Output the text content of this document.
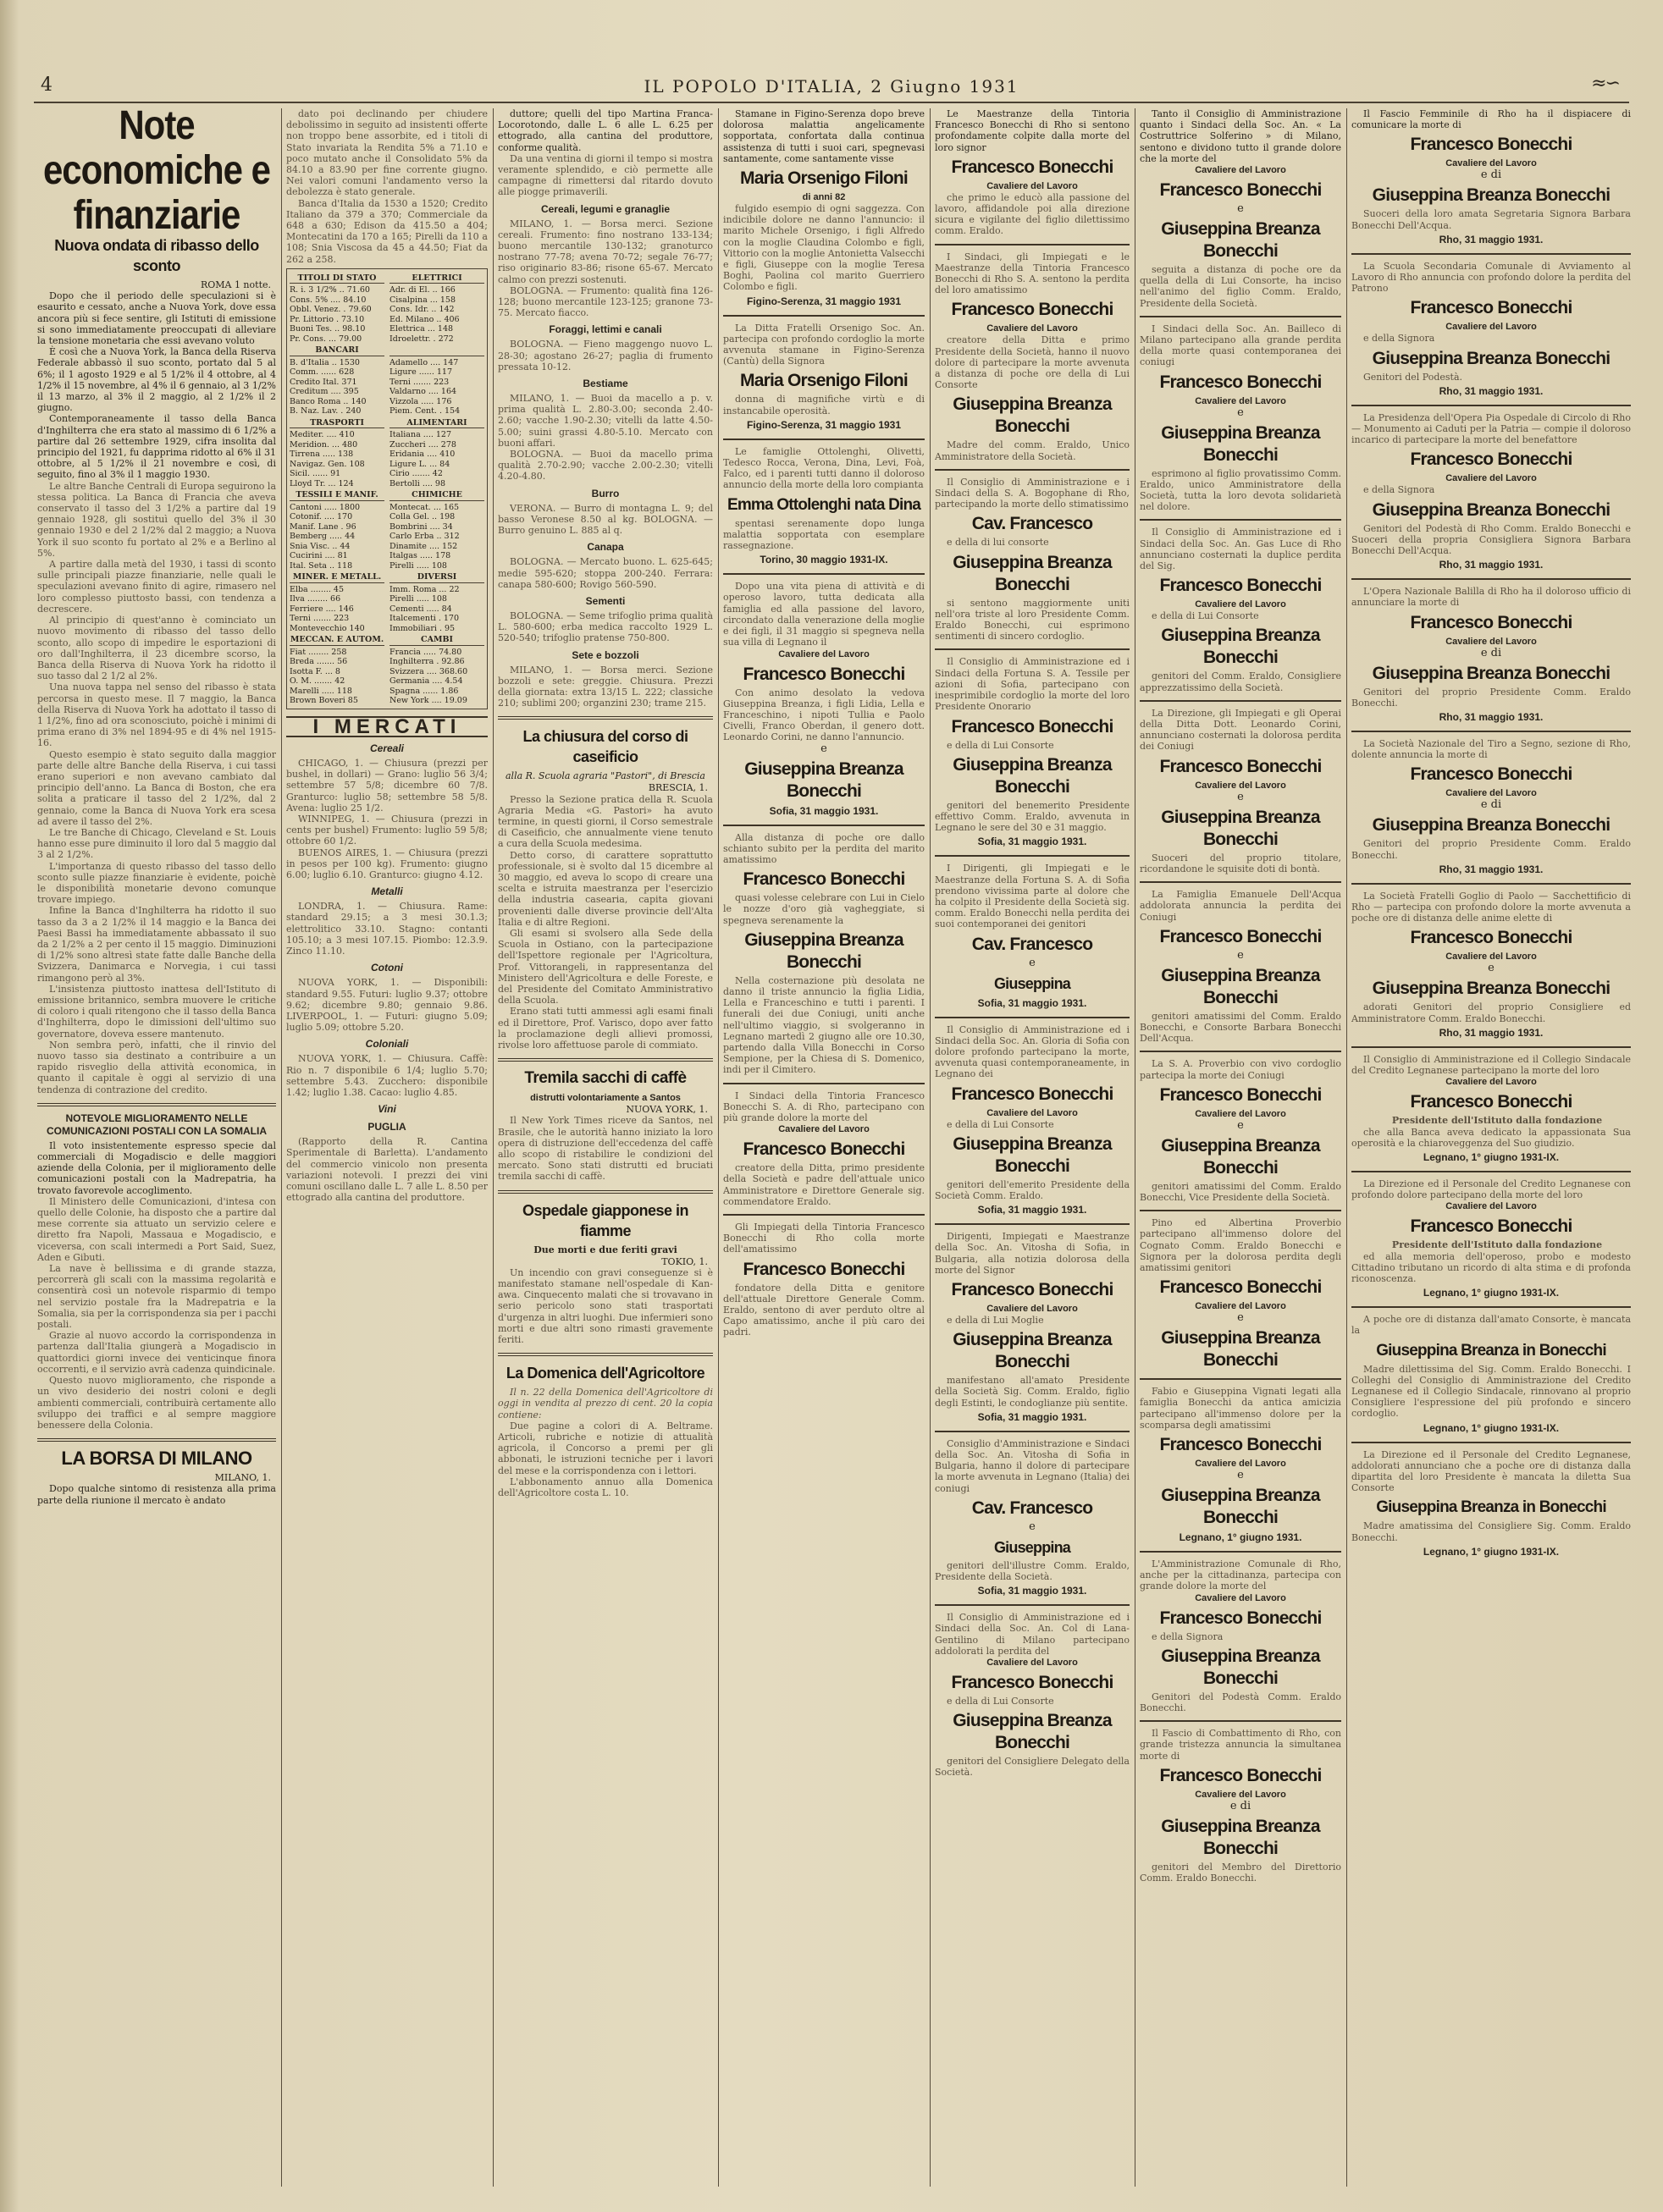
4	IL POPOLO D'ITALIA, 2 Giugno 1931	≈∽
Note economiche e finanziarie
Nuova ondata di ribasso dello sconto
ROMA 1 notte.

Dopo che il periodo delle speculazioni si è esaurito e cessato, anche a Nuova York, dove essa ancora più si fece sentire, gli Istituti di emissione si sono immediatamente preoccupati di alleviare la tensione monetaria che essi avevano voluto

È così che a Nuova York, la Banca della Riserva Federale abbassò il suo sconto, portato dal 5 al 6%; il 1 agosto 1929 e al 5 1/2% il 4 ottobre, al 4 1/2% il 15 novembre, al 4% il 6 gennaio, al 3 1/2% il 13 marzo, al 3% il 2 maggio, al 2 1/2% il 2 giugno.

Contemporaneamente il tasso della Banca d'Inghilterra che era stato al massimo di 6 1/2% a partire dal 26 settembre 1929, cifra insolita dal principio del 1921, fu dapprima ridotto al 6% il 31 ottobre, al 5 1/2% il 21 novembre e così, di seguito, fino al 3% il 1 maggio 1930.

Le altre Banche Centrali di Europa seguirono la stessa politica. La Banca di Francia che aveva conservato il tasso del 3 1/2% a partire dal 19 gennaio 1928, gli sostituì quello del 3% il 30 gennaio 1930 e del 2 1/2% dal 2 maggio; a Nuova York il suo sconto fu portato al 2% e a Berlino al 5%.

A partire dalla metà del 1930, i tassi di sconto sulle principali piazze finanziarie, nelle quali le speculazioni avevano finito di agire, rimasero nel loro complesso piuttosto bassi, con tendenza a decrescere.

Al principio di quest'anno è cominciato un nuovo movimento di ribasso del tasso dello sconto, allo scopo di impedire le esportazioni di oro dall'Inghilterra, il 23 dicembre scorso, la Banca della Riserva di Nuova York ha ridotto il suo tasso dal 2 1/2 al 2%.

Una nuova tappa nel senso del ribasso è stata percorsa in questo mese. Il 7 maggio, la Banca della Riserva di Nuova York ha adottato il tasso di 1 1/2%, fino ad ora sconosciuto, poichè i minimi di prima erano di 3% nel 1894-95 e di 4% nel 1915-16.

Questo esempio è stato seguito dalla maggior parte delle altre Banche della Riserva, i cui tassi erano superiori e non avevano cambiato dal principio dell'anno. La Banca di Boston, che era solita a praticare il tasso del 2 1/2%, dal 2 gennaio, come la Banca di Nuova York era scesa ad avere il tasso del 2%.

Le tre Banche di Chicago, Cleveland e St. Louis hanno esse pure diminuito il loro dal 5 maggio dal 3 al 2 1/2%.

L'importanza di questo ribasso del tasso dello sconto sulle piazze finanziarie è evidente, poichè le disponibilità monetarie devono comunque trovare impiego.

Infine la Banca d'Inghilterra ha ridotto il suo tasso da 3 a 2 1/2% il 14 maggio e la Banca dei Paesi Bassi ha immediatamente abbassato il suo da 2 1/2% a 2 per cento il 15 maggio. Diminuzioni di 1/2% sono altresì state fatte dalle Banche della Svizzera, Danimarca e Norvegia, i cui tassi rimangono però al 3%.

L'insistenza piuttosto inattesa dell'Istituto di emissione britannico, sembra muovere le critiche di coloro i quali ritengono che il tasso della Banca d'Inghilterra, dopo le dimissioni dell'ultimo suo governatore, doveva essere mantenuto.

Non sembra però, infatti, che il rinvio del nuovo tasso sia destinato a contribuire a un rapido risveglio della attività economica, in quanto il capitale è oggi al servizio di una tendenza di contrazione del credito.

NOTEVOLE MIGLIORAMENTO NELLE COMUNICAZIONI POSTALI CON LA SOMALIA

Il voto insistentemente espresso specie dal commerciali di Mogadiscio e delle maggiori aziende della Colonia, per il miglioramento delle comunicazioni postali con la Madrepatria, ha trovato favorevole accoglimento.

Il Ministero delle Comunicazioni, d'intesa con quello delle Colonie, ha disposto che a partire dal mese corrente sia attuato un servizio celere e diretto fra Napoli, Massaua e Mogadiscio, e viceversa, con scali intermedi a Port Said, Suez, Aden e Gibuti.

La nave è bellissima e di grande stazza, percorrerà gli scali con la massima regolarità e consentirà così un notevole risparmio di tempo nel servizio postale fra la Madrepatria e la Somalia, sia per la corrispondenza sia per i pacchi postali.

Grazie al nuovo accordo la corrispondenza in partenza dall'Italia giungerà a Mogadiscio in quattordici giorni invece dei venticinque finora occorrenti, e il servizio avrà cadenza quindicinale.

Questo nuovo miglioramento, che risponde a un vivo desiderio dei nostri coloni e degli ambienti commerciali, contribuirà certamente allo sviluppo dei traffici e al sempre maggiore benessere della Colonia.

LA BORSA DI MILANO
MILANO, 1.

Dopo qualche sintomo di resistenza alla prima parte della riunione il mercato è andato

dato poi declinando per chiudere debolissimo in seguito ad insistenti offerte non troppo bene assorbite, ed i titoli di Stato invariata la Rendita 5% a 71.10 e poco mutato anche il Consolidato 5% da 84.10 a 83.90 per fine corrente giugno. Nei valori comuni l'andamento verso la debolezza è stato generale.

Banca d'Italia da 1530 a 1520; Credito Italiano da 379 a 370; Commerciale da 648 a 630; Edison da 415.50 a 404; Montecatini da 170 a 165; Pirelli da 110 a 108; Snia Viscosa da 45 a 44.50; Fiat da 262 a 258.

TITOLI DI STATO	ELETTRICI
R. i. 3 1/2% .. 71.60
Cons. 5% .... 84.10
Obbl. Venez. . 79.60
Pr. Littorio . 73.10
Buoni Tes. .. 98.10
Pr. Cons. ... 79.00
Adr. di El. .. 166
Cisalpina ... 158
Cons. Idr. .. 142
Ed. Milano .. 406
Elettrica ... 148
Idroelettr. . 272
BANCARI

B. d'Italia .. 1530
Comm. ...... 628
Credito Ital. 371
Creditum .... 395
Banco Roma .. 140
B. Naz. Lav. . 240
Adamello .... 147
Ligure ...... 117
Terni ....... 223
Valdarno .... 164
Vizzola ..... 176
Piem. Cent. . 154
TRASPORTI	ALIMENTARI
Mediter. .... 410
Meridion. ... 480
Tirrena ..... 138
Navigaz. Gen. 108
Sicil. ...... 91
Lloyd Tr. ... 124
Italiana .... 127
Zuccheri .... 278
Eridania .... 410
Ligure L. ... 84
Cirio ....... 42
Bertolli .... 98
TESSILI E MANIF.	CHIMICHE
Cantoni ..... 1800
Cotonif. .... 170
Manif. Lane . 96
Bemberg ..... 44
Snia Visc. .. 44
Cucirini .... 81
Ital. Seta .. 118
Montecat. ... 165
Colla Gel. .. 198
Bombrini .... 34
Carlo Erba .. 312
Dinamite .... 152
Italgas ..... 178
Pirelli ..... 108
MINER. E METALL.	DIVERSI
Elba ........ 45
Ilva ........ 66
Ferriere .... 146
Terni ....... 223
Montevecchio 140
Imm. Roma ... 22
Pirelli ..... 108
Cementi ..... 84
Italcementi . 170
Immobiliari . 95
MECCAN. E AUTOM.	CAMBI
Fiat ........ 258
Breda ....... 56
Isotta F. ... 8
O. M. ....... 42
Marelli ..... 118
Brown Boveri 85
Francia ..... 74.80
Inghilterra . 92.86
Svizzera .... 368.60
Germania .... 4.54
Spagna ...... 1.86
New York .... 19.09
I MERCATI
Cereali

CHICAGO, 1. — Chiusura (prezzi per bushel, in dollari) — Grano: luglio 56 3/4; settembre 57 5/8; dicembre 60 7/8. Granturco: luglio 58; settembre 58 5/8. Avena: luglio 25 1/2.

WINNIPEG, 1. — Chiusura (prezzi in cents per bushel) Frumento: luglio 59 5/8; ottobre 60 1/2.

BUENOS AIRES, 1. — Chiusura (prezzi in pesos per 100 kg). Frumento: giugno 6.00; luglio 6.10. Granturco: giugno 4.12.

Metalli

LONDRA, 1. — Chiusura. Rame: standard 29.15; a 3 mesi 30.1.3; elettrolitico 33.10. Stagno: contanti 105.10; a 3 mesi 107.15. Piombo: 12.3.9. Zinco 11.10.

Cotoni

NUOVA YORK, 1. — Disponibili: standard 9.55. Futuri: luglio 9.37; ottobre 9.62; dicembre 9.80; gennaio 9.86. LIVERPOOL, 1. — Futuri: giugno 5.09; luglio 5.09; ottobre 5.20.

Coloniali

NUOVA YORK, 1. — Chiusura. Caffè: Rio n. 7 disponibile 6 1/4; luglio 5.70; settembre 5.43. Zucchero: disponibile 1.42; luglio 1.38. Cacao: luglio 4.85.

Vini
PUGLIA

(Rapporto della R. Cantina Sperimentale di Barletta). L'andamento del commercio vinicolo non presenta variazioni notevoli. I prezzi dei vini comuni oscillano dalle L. 7 alle L. 8.50 per ettogrado alla cantina del produttore.

duttore; quelli del tipo Martina Franca-Locorotondo, dalle L. 6 alle L. 6.25 per ettogrado, alla cantina del produttore, conforme qualità.

Da una ventina di giorni il tempo si mostra veramente splendido, e ciò permette alle campagne di rimettersi dal ritardo dovuto alle piogge primaverili.

Cereali, legumi e granaglie

MILANO, 1. — Borsa merci. Sezione cereali. Frumento: fino nostrano 133-134; buono mercantile 130-132; granoturco nostrano 77-78; avena 70-72; segale 76-77; riso originario 83-86; risone 65-67. Mercato calmo con prezzi sostenuti.

BOLOGNA. — Frumento: qualità fina 126-128; buono mercantile 123-125; granone 73-75. Mercato fiacco.

Foraggi, lettimi e canali

BOLOGNA. — Fieno maggengo nuovo L. 28-30; agostano 26-27; paglia di frumento pressata 10-12.

Bestiame

MILANO, 1. — Buoi da macello a p. v. prima qualità L. 2.80-3.00; seconda 2.40-2.60; vacche 1.90-2.30; vitelli da latte 4.50-5.00; suini grassi 4.80-5.10. Mercato con buoni affari.

BOLOGNA. — Buoi da macello prima qualità 2.70-2.90; vacche 2.00-2.30; vitelli 4.20-4.80.

Burro

VERONA. — Burro di montagna L. 9; del basso Veronese 8.50 al kg. BOLOGNA. — Burro genuino L. 885 al q.

Canapa

BOLOGNA. — Mercato buono. L. 625-645; medie 595-620; stoppa 200-240. Ferrara: canapa 580-600; Rovigo 560-590.

Sementi

BOLOGNA. — Seme trifoglio prima qualità L. 580-600; erba medica raccolto 1929 L. 520-540; trifoglio pratense 750-800.

Sete e bozzoli

MILANO, 1. — Borsa merci. Sezione bozzoli e sete: greggie. Chiusura. Prezzi della giornata: extra 13/15 L. 222; classiche 210; sublimi 200; organzini 230; trame 215.

La chiusura del corso di caseificio
alla R. Scuola agraria "Pastori", di Brescia
BRESCIA, 1.

Presso la Sezione pratica della R. Scuola Agraria Media «G. Pastori» ha avuto termine, in questi giorni, il Corso semestrale di Caseificio, che annualmente viene tenuto a cura della Scuola medesima.

Detto corso, di carattere soprattutto professionale, si è svolto dal 15 dicembre al 30 maggio, ed aveva lo scopo di creare una scelta e istruita maestranza per l'esercizio della industria casearia, capita giovani provenienti dalle diverse provincie dell'Alta Italia e di altre Regioni.

Gli esami si svolsero alla Sede della Scuola in Ostiano, con la partecipazione dell'Ispettore regionale per l'Agricoltura, Prof. Vittorangeli, in rappresentanza del Ministero dell'Agricoltura e delle Foreste, e del Presidente del Comitato Amministrativo della Scuola.

Erano stati tutti ammessi agli esami finali ed il Direttore, Prof. Varisco, dopo aver fatto la proclamazione degli allievi promossi, rivolse loro affettuose parole di commiato.

Tremila sacchi di caffè
distrutti volontariamente a Santos
NUOVA YORK, 1.

Il New York Times riceve da Santos, nel Brasile, che le autorità hanno iniziato la loro opera di distruzione dell'eccedenza del caffè allo scopo di ristabilire le condizioni del mercato. Sono stati distrutti ed bruciati tremila sacchi di caffè.

Ospedale giapponese in fiamme
Due morti e due feriti gravi
TOKIO, 1.

Un incendio con gravi conseguenze si è manifestato stamane nell'ospedale di Kan-awa. Cinquecento malati che si trovavano in serio pericolo sono stati trasportati d'urgenza in altri luoghi. Due infermieri sono morti e due altri sono rimasti gravemente feriti.

La Domenica dell'Agricoltore

Il n. 22 della Domenica dell'Agricoltore di oggi in vendita al prezzo di cent. 20 la copia contiene:

Due pagine a colori di A. Beltrame. Articoli, rubriche e notizie di attualità agricola, il Concorso a premi per gli abbonati, le istruzioni tecniche per i lavori del mese e la corrispondenza con i lettori.

L'abbonamento annuo alla Domenica dell'Agricoltore costa L. 10.

Stamane in Figino-Serenza dopo breve dolorosa malattia angelicamente sopportata, confortata dalla continua assistenza di tutti i suoi cari, spegnevasi santamente, come santamente visse

Maria Orsenigo Filoni
di anni 82

fulgido esempio di ogni saggezza. Con indicibile dolore ne danno l'annuncio: il marito Michele Orsenigo, i figli Alfredo con la moglie Claudina Colombo e figli, Vittorio con la moglie Antonietta Valsecchi e figli, Giuseppe con la moglie Teresa Boghi, Paolina col marito Guerriero Colombo e figli.

Figino-Serenza, 31 maggio 1931

La Ditta Fratelli Orsenigo Soc. An. partecipa con profondo cordoglio la morte avvenuta stamane in Figino-Serenza (Cantù) della Signora

Maria Orsenigo Filoni

donna di magnifiche virtù e di instancabile operosità.

Figino-Serenza, 31 maggio 1931

Le famiglie Ottolenghi, Olivetti, Tedesco Rocca, Verona, Dina, Levi, Foà, Falco, ed i parenti tutti danno il doloroso annuncio della morte della loro compianta

Emma Ottolenghi nata Dina

spentasi serenamente dopo lunga malattia sopportata con esemplare rassegnazione.

Torino, 30 maggio 1931-IX.

Dopo una vita piena di attività e di operoso lavoro, tutta dedicata alla famiglia ed alla passione del lavoro, circondato dalla venerazione della moglie e dei figli, il 31 maggio si spegneva nella sua villa di Legnano il

Cavaliere del Lavoro
Francesco Bonecchi

Con animo desolato la vedova Giuseppina Breanza, i figli Lidia, Lella e Franceschino, i nipoti Tullia e Paolo Civelli, Franco Oberdan, il genero dott. Leonardo Corini, ne danno l'annuncio.

e
Giuseppina Breanza Bonecchi
Sofia, 31 maggio 1931.

Alla distanza di poche ore dallo schianto subito per la perdita del marito amatissimo

Francesco Bonecchi

quasi volesse celebrare con Lui in Cielo le nozze d'oro già vagheggiate, si spegneva serenamente la

Giuseppina Breanza Bonecchi

Nella costernazione più desolata ne danno il triste annuncio la figlia Lidia, Lella e Franceschino e tutti i parenti. I funerali dei due Coniugi, uniti anche nell'ultimo viaggio, si svolgeranno in Legnano martedì 2 giugno alle ore 10.30, partendo dalla Villa Bonecchi in Corso Sempione, per la Chiesa di S. Domenico, indi per il Cimitero.

I Sindaci della Tintoria Francesco Bonecchi S. A. di Rho, partecipano con più grande dolore la morte del

Cavaliere del Lavoro
Francesco Bonecchi

creatore della Ditta, primo presidente della Società e padre dell'attuale unico Amministratore e Direttore Generale sig. commendatore Eraldo.

Gli Impiegati della Tintoria Francesco Bonecchi di Rho colla morte dell'amatissimo

Francesco Bonecchi

fondatore della Ditta e genitore dell'attuale Direttore Generale Comm. Eraldo, sentono di aver perduto oltre al Capo amatissimo, anche il più caro dei padri.

Le Maestranze della Tintoria Francesco Bonecchi di Rho si sentono profondamente colpite dalla morte del loro signor

Francesco Bonecchi
Cavaliere del Lavoro

che primo le educò alla passione del lavoro, affidandole poi alla direzione sicura e vigilante del figlio dilettissimo comm. Eraldo.

I Sindaci, gli Impiegati e le Maestranze della Tintoria Francesco Bonecchi di Rho S. A. sentono la perdita del loro amatissimo

Francesco Bonecchi
Cavaliere del Lavoro

creatore della Ditta e primo Presidente della Società, hanno il nuovo dolore di partecipare la morte avvenuta a distanza di poche ore della di Lui Consorte

Giuseppina Breanza Bonecchi

Madre del comm. Eraldo, Unico Amministratore della Società.

Il Consiglio di Amministrazione e i Sindaci della S. A. Bogophane di Rho, partecipando la morte dello stimatissimo

Cav. Francesco

e della di lui consorte

Giuseppina Breanza Bonecchi

si sentono maggiormente uniti nell'ora triste al loro Presidente Comm. Eraldo Bonecchi, cui esprimono sentimenti di sincero cordoglio.

Il Consiglio di Amministrazione ed i Sindaci della Fortuna S. A. Tessile per azioni di Sofia, partecipano con inesprimibile cordoglio la morte del loro Presidente Onorario

Francesco Bonecchi

e della di Lui Consorte

Giuseppina Breanza Bonecchi

genitori del benemerito Presidente effettivo Comm. Eraldo, avvenuta in Legnano le sere del 30 e 31 maggio.

Sofia, 31 maggio 1931.

I Dirigenti, gli Impiegati e le Maestranze della Fortuna S. A. di Sofia prendono vivissima parte al dolore che ha colpito il Presidente della Società sig. comm. Eraldo Bonecchi nella perdita dei suoi contemporanei dei genitori

Cav. Francesco
e
Giuseppina
Sofia, 31 maggio 1931.

Il Consiglio di Amministrazione ed i Sindaci della Soc. An. Gloria di Sofia con dolore profondo partecipano la morte, avvenuta quasi contemporaneamente, in Legnano dei

Francesco Bonecchi
Cavaliere del Lavoro

e della di Lui Consorte

Giuseppina Breanza Bonecchi

genitori dell'emerito Presidente della Società Comm. Eraldo.

Sofia, 31 maggio 1931.

Dirigenti, Impiegati e Maestranze della Soc. An. Vitosha di Sofia, in Bulgaria, alla notizia dolorosa della morte del Signor

Francesco Bonecchi
Cavaliere del Lavoro

e della di Lui Moglie

Giuseppina Breanza Bonecchi

manifestano all'amato Presidente della Società Sig. Comm. Eraldo, figlio degli Estinti, le condoglianze più sentite.

Sofia, 31 maggio 1931.

Consiglio d'Amministrazione e Sindaci della Soc. An. Vitosha di Sofia in Bulgaria, hanno il dolore di partecipare la morte avvenuta in Legnano (Italia) dei coniugi

Cav. Francesco
e
Giuseppina

genitori dell'illustre Comm. Eraldo, Presidente della Società.

Sofia, 31 maggio 1931.

Il Consiglio di Amministrazione ed i Sindaci della Soc. An. Col di Lana-Gentilino di Milano partecipano addolorati la perdita del

Cavaliere del Lavoro
Francesco Bonecchi

e della di Lui Consorte

Giuseppina Breanza Bonecchi

genitori del Consigliere Delegato della Società.

Tanto il Consiglio di Amministrazione quanto i Sindaci della Soc. An. « La Costruttrice Solferino » di Milano, sentono e dividono tutto il grande dolore che la morte del

Cavaliere del Lavoro
Francesco Bonecchi
e
Giuseppina Breanza Bonecchi

seguita a distanza di poche ore da quella della di Lui Consorte, ha inciso nell'animo del figlio Comm. Eraldo, Presidente della Società.

I Sindaci della Soc. An. Bailleco di Milano partecipano alla grande perdita della morte quasi contemporanea dei coniugi

Francesco Bonecchi
Cavaliere del Lavoro
e
Giuseppina Breanza Bonecchi

esprimono al figlio provatissimo Comm. Eraldo, unico Amministratore della Società, tutta la loro devota solidarietà nel dolore.

Il Consiglio di Amministrazione ed i Sindaci della Soc. An. Gas Luce di Rho annunciano costernati la duplice perdita del Sig.

Francesco Bonecchi
Cavaliere del Lavoro

e della di Lui Consorte

Giuseppina Breanza Bonecchi

genitori del Comm. Eraldo, Consigliere apprezzatissimo della Società.

La Direzione, gli Impiegati e gli Operai della Ditta Dott. Leonardo Corini, annunciano costernati la dolorosa perdita dei Coniugi

Francesco Bonecchi
Cavaliere del Lavoro
e
Giuseppina Breanza Bonecchi

Suoceri del proprio titolare, ricordandone le squisite doti di bontà.

La Famiglia Emanuele Dell'Acqua addolorata annuncia la perdita dei Coniugi

Francesco Bonecchi
e
Giuseppina Breanza Bonecchi

genitori amatissimi del Comm. Eraldo Bonecchi, e Consorte Barbara Bonecchi Dell'Acqua.

La S. A. Proverbio con vivo cordoglio partecipa la morte dei Coniugi

Francesco Bonecchi
Cavaliere del Lavoro
e
Giuseppina Breanza Bonecchi

genitori amatissimi del Comm. Eraldo Bonecchi, Vice Presidente della Società.

Pino ed Albertina Proverbio partecipano all'immenso dolore del Cognato Comm. Eraldo Bonecchi e Signora per la dolorosa perdita degli amatissimi genitori

Francesco Bonecchi
Cavaliere del Lavoro
e
Giuseppina Breanza Bonecchi

Fabio e Giuseppina Vignati legati alla famiglia Bonecchi da antica amicizia partecipano all'immenso dolore per la scomparsa degli amatissimi

Francesco Bonecchi
Cavaliere del Lavoro
e
Giuseppina Breanza Bonecchi
Legnano, 1° giugno 1931.

L'Amministrazione Comunale di Rho, anche per la cittadinanza, partecipa con grande dolore la morte del

Cavaliere del Lavoro
Francesco Bonecchi

e della Signora

Giuseppina Breanza Bonecchi

Genitori del Podestà Comm. Eraldo Bonecchi.

Il Fascio di Combattimento di Rho, con grande tristezza annuncia la simultanea morte di

Francesco Bonecchi
Cavaliere del Lavoro
e di
Giuseppina Breanza Bonecchi

genitori del Membro del Direttorio Comm. Eraldo Bonecchi.

Il Fascio Femminile di Rho ha il dispiacere di comunicare la morte di

Francesco Bonecchi
Cavaliere del Lavoro
e di
Giuseppina Breanza Bonecchi

Suoceri della loro amata Segretaria Signora Barbara Bonecchi Dell'Acqua.

Rho, 31 maggio 1931.

La Scuola Secondaria Comunale di Avviamento al Lavoro di Rho annuncia con profondo dolore la perdita del Patrono

Francesco Bonecchi
Cavaliere del Lavoro

e della Signora

Giuseppina Breanza Bonecchi

Genitori del Podestà.

Rho, 31 maggio 1931.

La Presidenza dell'Opera Pia Ospedale di Circolo di Rho — Monumento ai Caduti per la Patria — compie il doloroso incarico di partecipare la morte del benefattore

Francesco Bonecchi
Cavaliere del Lavoro

e della Signora

Giuseppina Breanza Bonecchi

Genitori del Podestà di Rho Comm. Eraldo Bonecchi e Suoceri della propria Consigliera Signora Barbara Bonecchi Dell'Acqua.

Rho, 31 maggio 1931.

L'Opera Nazionale Balilla di Rho ha il doloroso ufficio di annunciare la morte di

Francesco Bonecchi
Cavaliere del Lavoro
e di
Giuseppina Breanza Bonecchi

Genitori del proprio Presidente Comm. Eraldo Bonecchi.

Rho, 31 maggio 1931.

La Società Nazionale del Tiro a Segno, sezione di Rho, dolente annuncia la morte di

Francesco Bonecchi
Cavaliere del Lavoro
e di
Giuseppina Breanza Bonecchi

Genitori del proprio Presidente Comm. Eraldo Bonecchi.

Rho, 31 maggio 1931.

La Società Fratelli Goglio di Paolo — Sacchettificio di Rho — partecipa con profondo dolore la morte avvenuta a poche ore di distanza delle anime elette di

Francesco Bonecchi
Cavaliere del Lavoro
e
Giuseppina Breanza Bonecchi

adorati Genitori del proprio Consigliere ed Amministratore Comm. Eraldo Bonecchi.

Rho, 31 maggio 1931.

Il Consiglio di Amministrazione ed il Collegio Sindacale del Credito Legnanese partecipano la morte del loro

Cavaliere del Lavoro
Francesco Bonecchi

Presidente dell'Istituto dalla fondazione

che alla Banca aveva dedicato la appassionata Sua operosità e la chiaroveggenza del Suo giudizio.

Legnano, 1° giugno 1931-IX.

La Direzione ed il Personale del Credito Legnanese con profondo dolore partecipano della morte del loro

Cavaliere del Lavoro
Francesco Bonecchi

Presidente dell'Istituto dalla fondazione

ed alla memoria dell'operoso, probo e modesto Cittadino tributano un ricordo di alta stima e di profonda riconoscenza.

Legnano, 1° giugno 1931-IX.

A poche ore di distanza dall'amato Consorte, è mancata la

Giuseppina Breanza in Bonecchi

Madre dilettissima del Sig. Comm. Eraldo Bonecchi. I Colleghi del Consiglio di Amministrazione del Credito Legnanese ed il Collegio Sindacale, rinnovano al proprio Consigliere l'espressione del più profondo e sincero cordoglio.

Legnano, 1° giugno 1931-IX.

La Direzione ed il Personale del Credito Legnanese, addolorati annunciano che a poche ore di distanza dalla dipartita del loro Presidente è mancata la diletta Sua Consorte

Giuseppina Breanza in Bonecchi

Madre amatissima del Consigliere Sig. Comm. Eraldo Bonecchi.

Legnano, 1° giugno 1931-IX.
